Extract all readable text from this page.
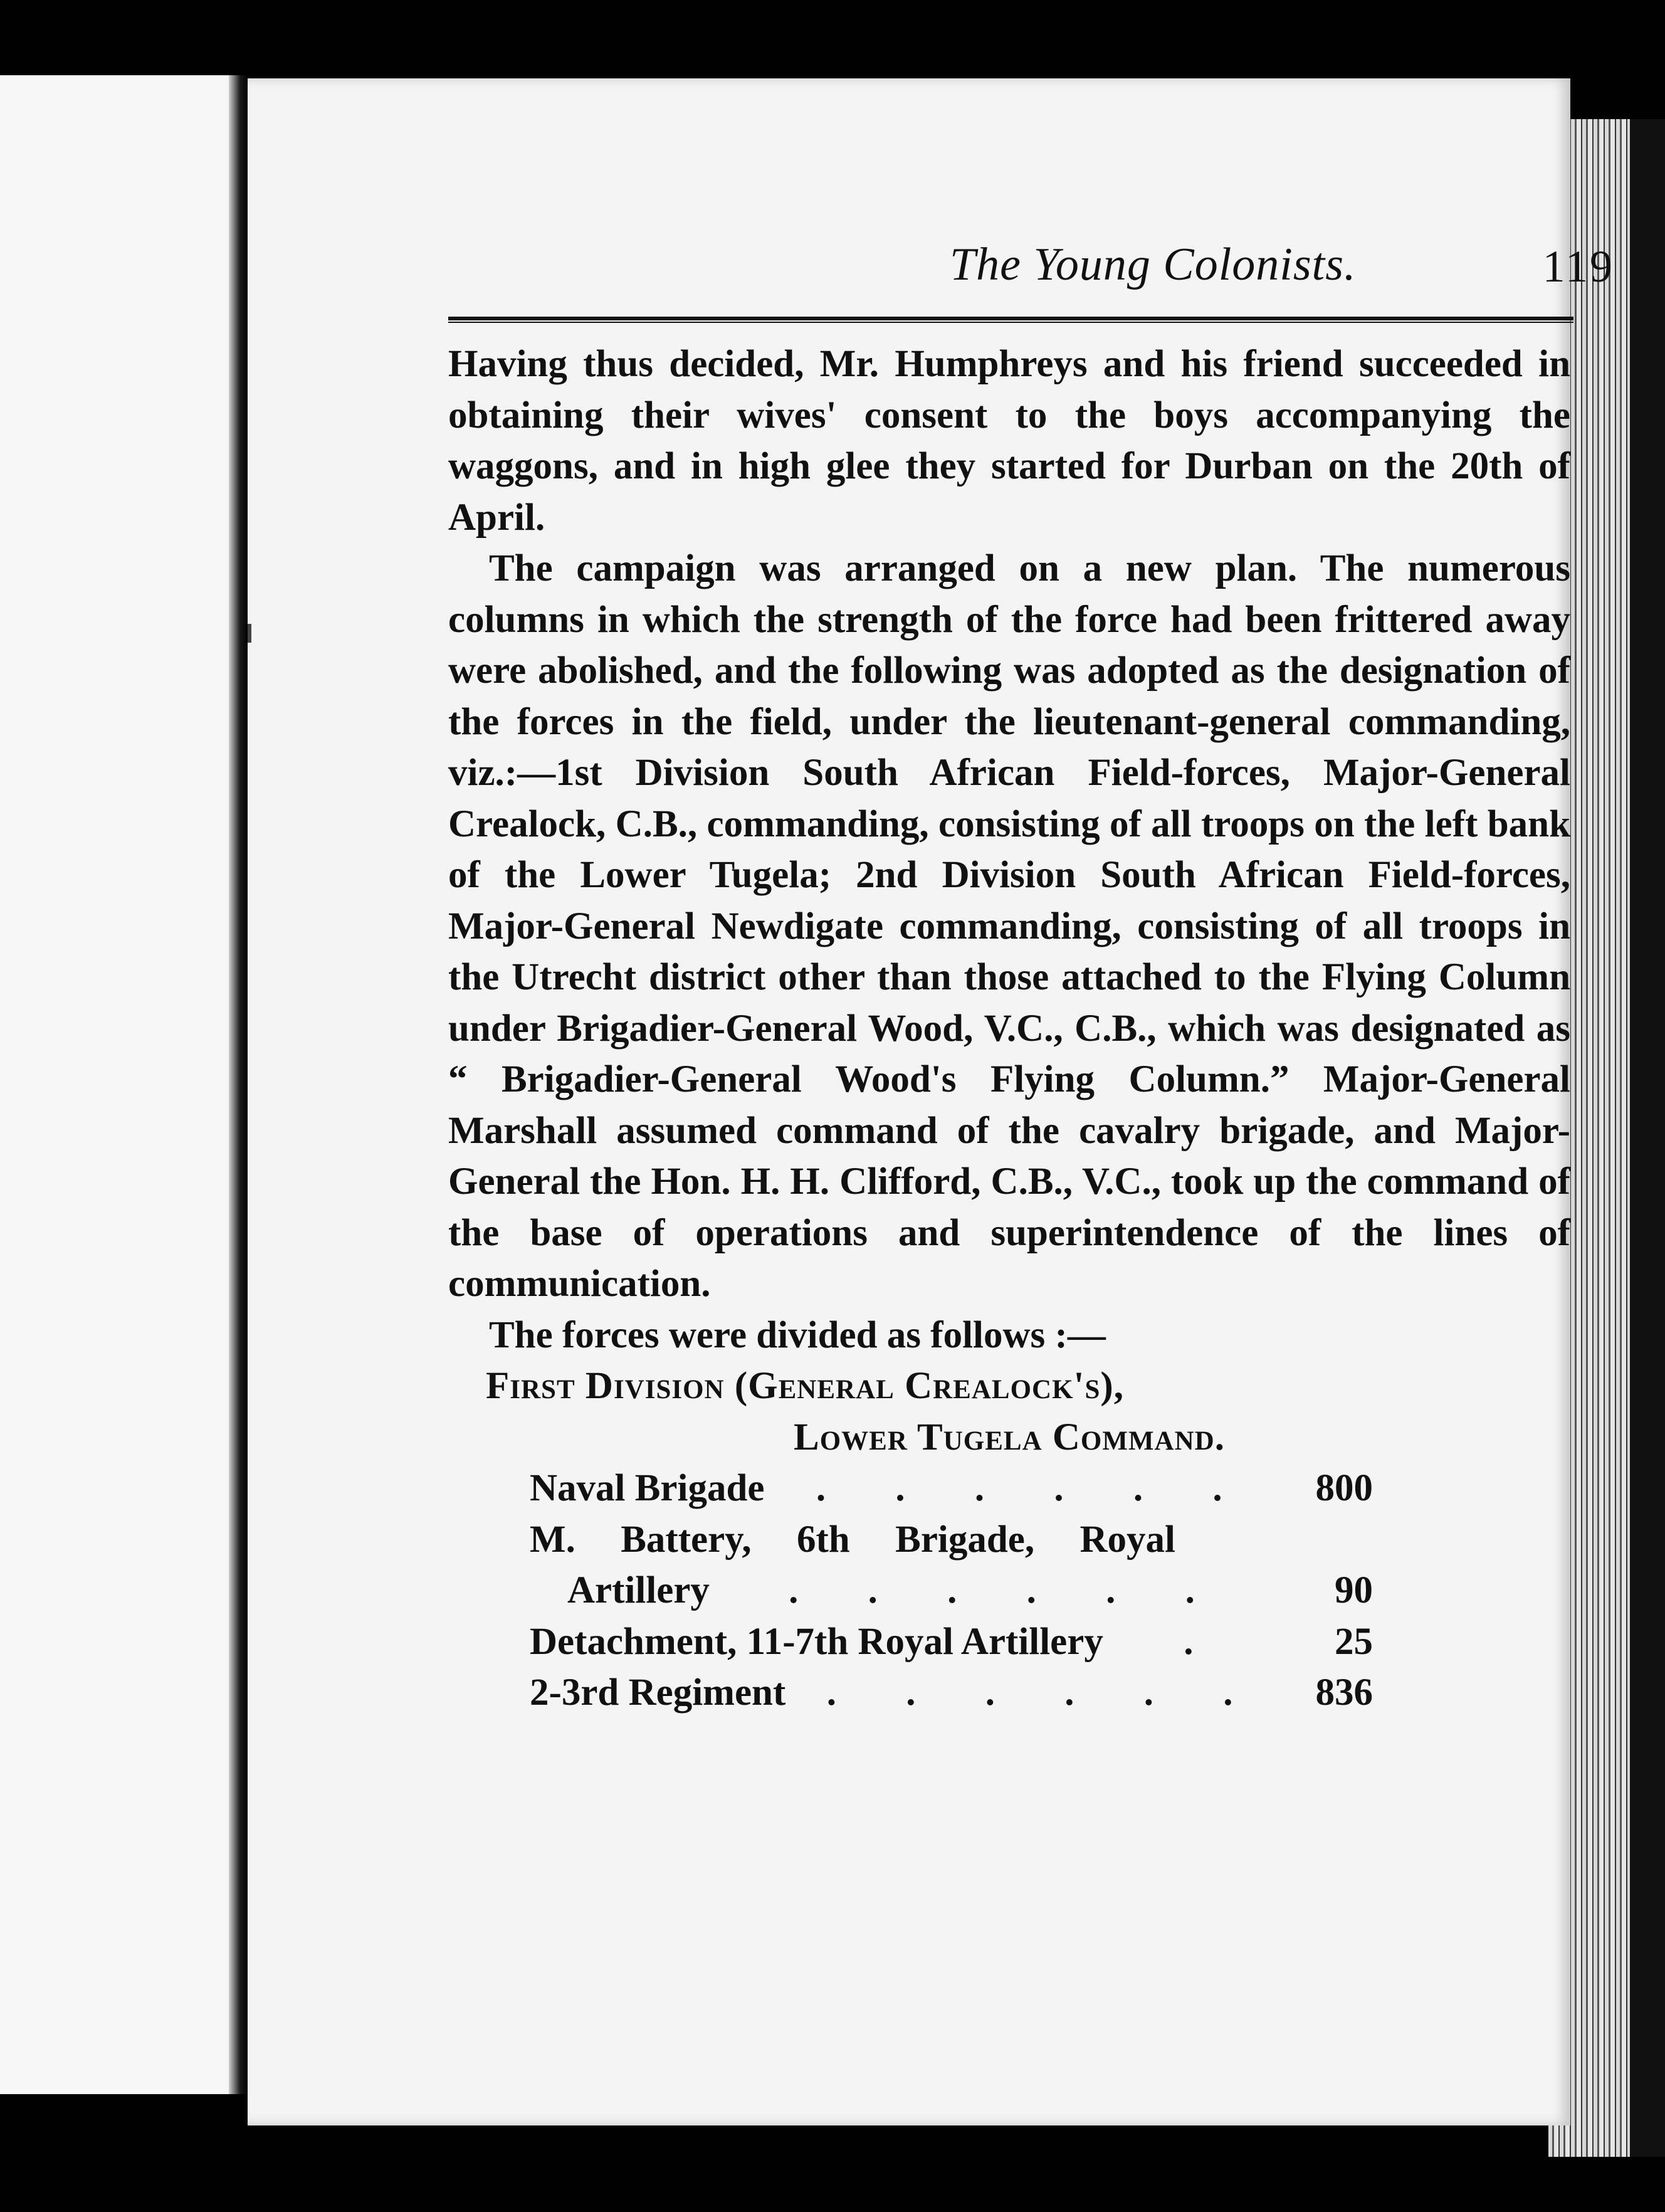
The Young Colonists.	119

Having thus decided, Mr. Humphreys and his friend succeeded in obtaining their wives' consent to the boys accompanying the waggons, and in high glee they started for Durban on the 20th of April.

The campaign was arranged on a new plan. The numerous columns in which the strength of the force had been frittered away were abolished, and the following was adopted as the designation of the forces in the field, under the lieutenant-general commanding, viz.:—1st Division South African Field-forces, Major-General Crealock, C.B., commanding, consisting of all troops on the left bank of the Lower Tugela; 2nd Division South African Field-forces, Major-General Newdigate commanding, consisting of all troops in the Utrecht district other than those attached to the Flying Column under Brigadier-General Wood, V.C., C.B., which was designated as “ Brigadier-General Wood's Flying Column.” Major-General Marshall assumed command of the cavalry brigade, and Major-General the Hon. H. H. Clifford, C.B., V.C., took up the command of the base of operations and superintendence of the lines of communication.

The forces were divided as follows :—

First Division (General Crealock's),

Lower Tugela Command.

Naval Brigade	. . . . . .	800
M. Battery, 6th Brigade, Royal
Artillery	. . . . . .	90
Detachment, 11-7th Royal Artillery	.	25
2-3rd Regiment	. . . . . .	836
